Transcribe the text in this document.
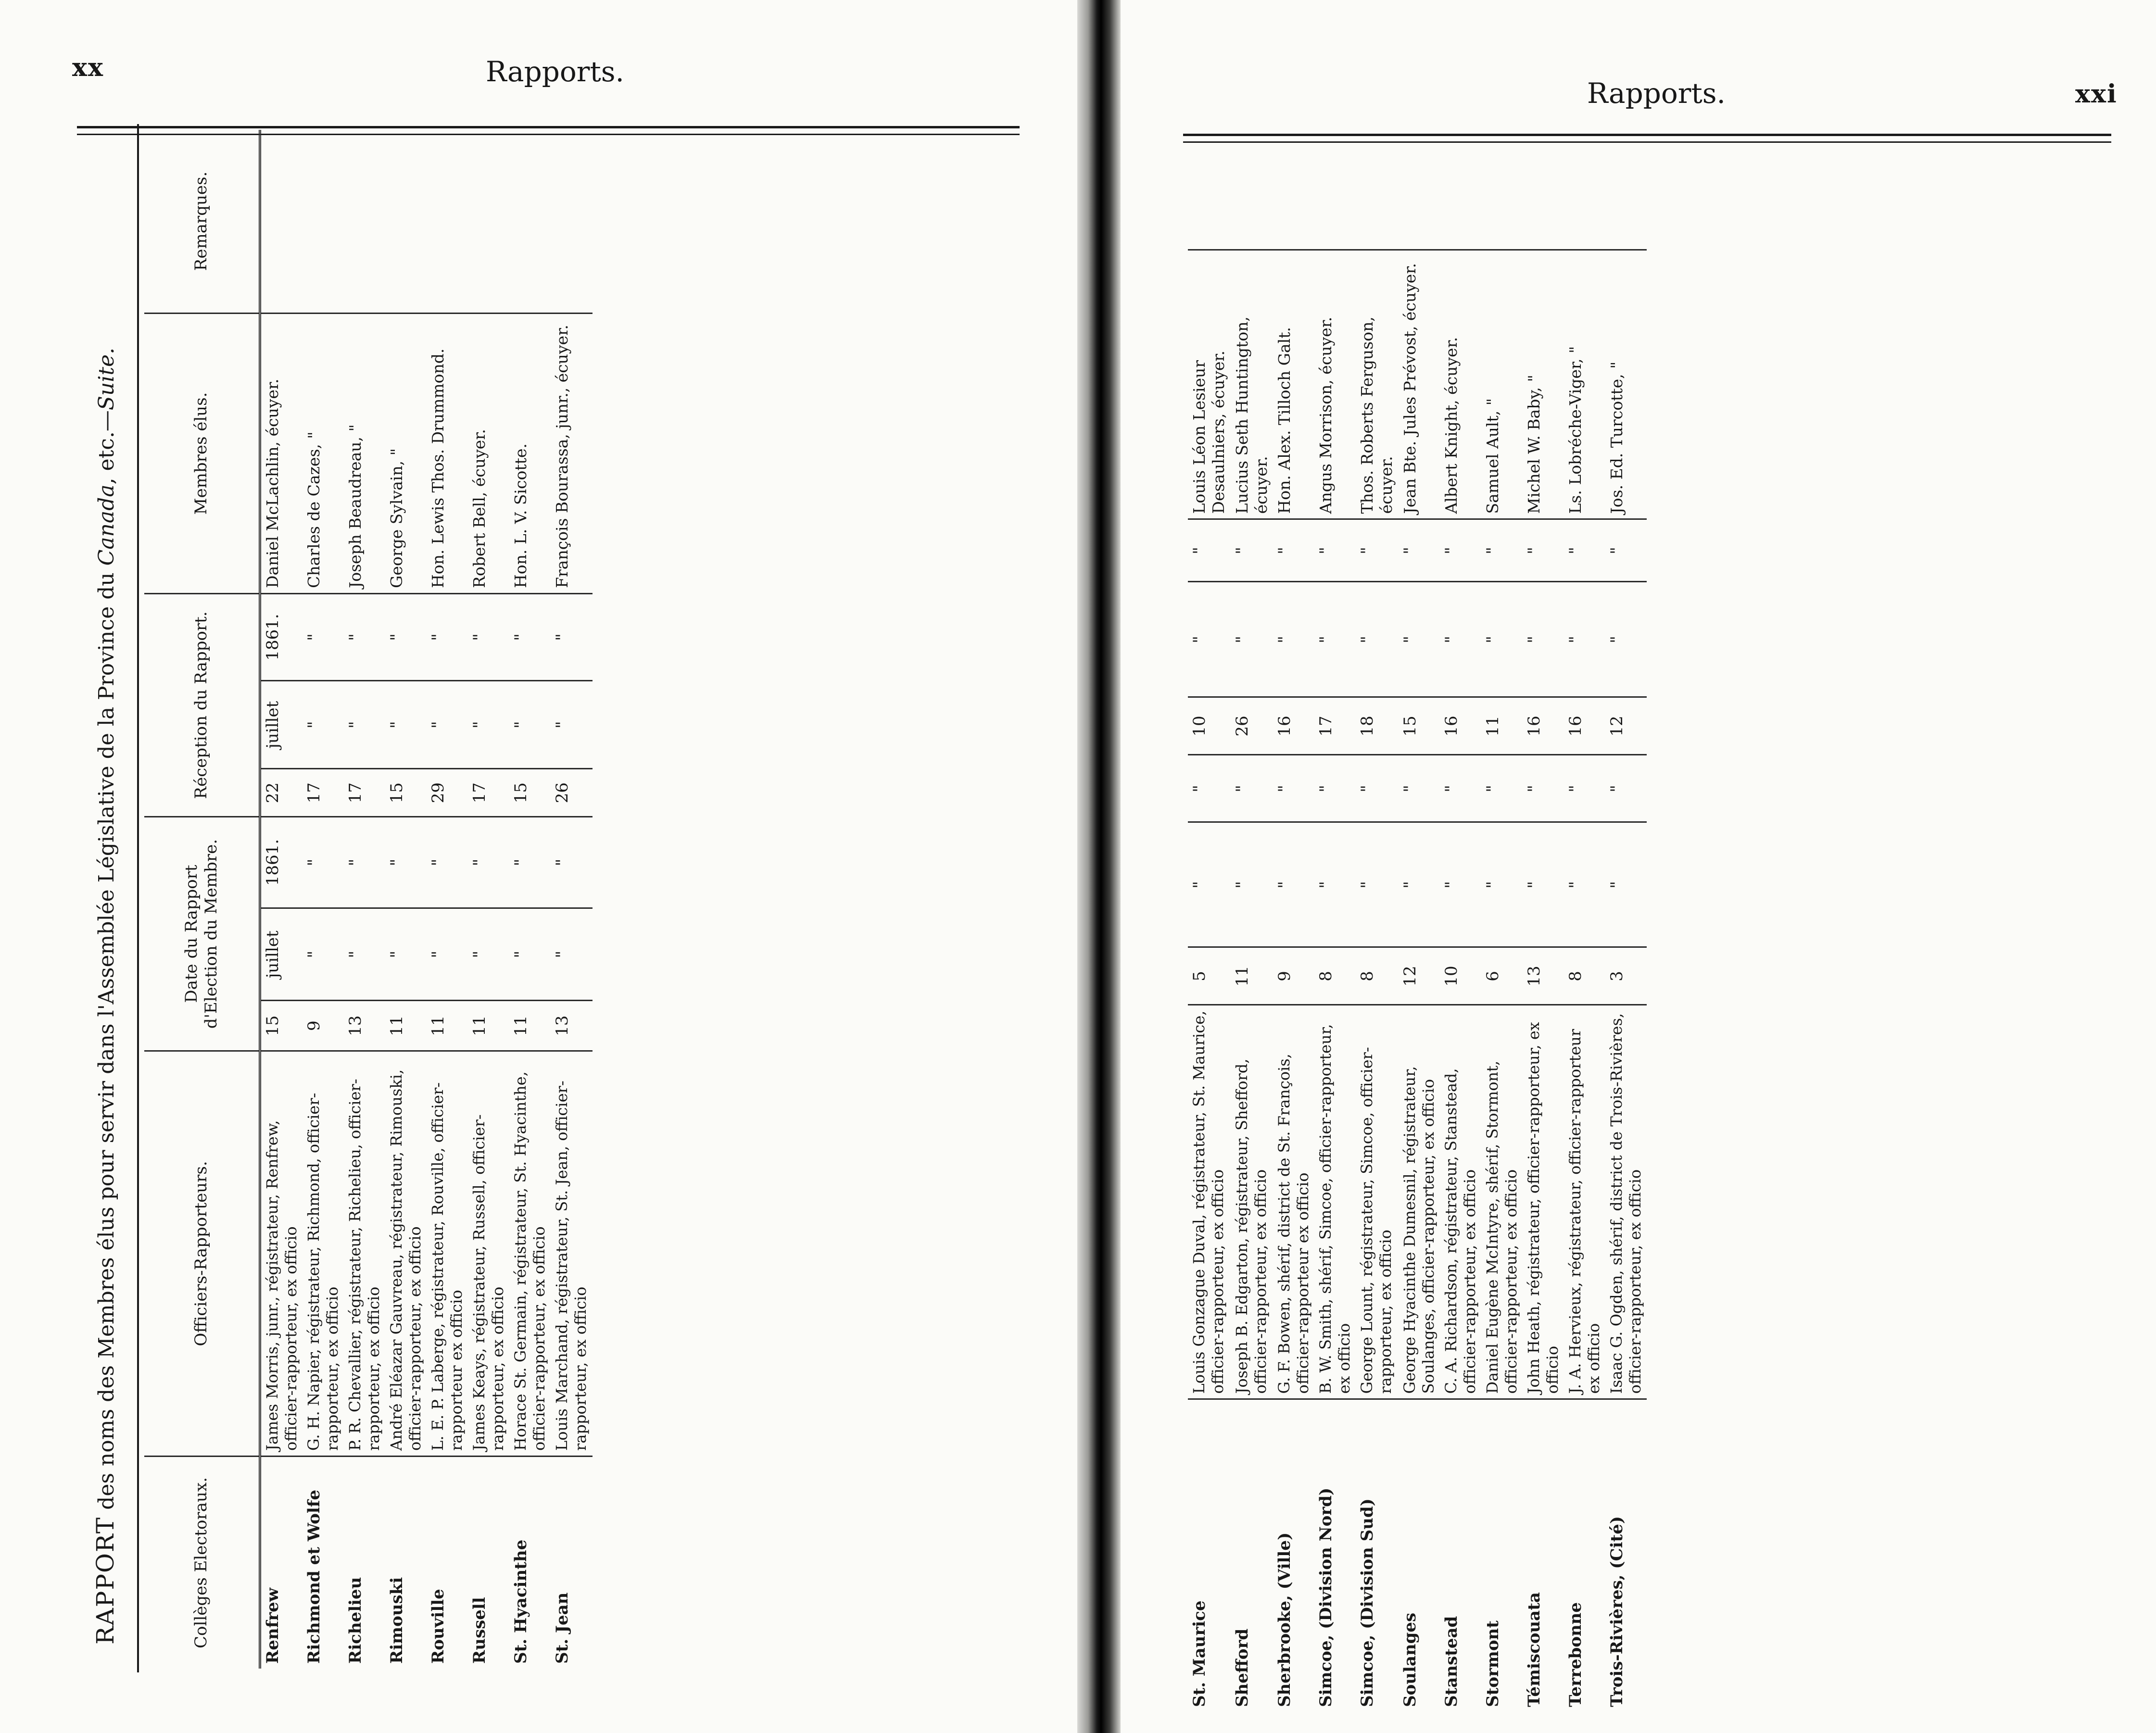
xx	Rapports.
RAPPORT des noms des Membres élus pour servir dans l'Assemblée Législative de la Province du Canada, etc.—Suite.
Collèges Electoraux.	Officiers-Rapporteurs.	Date du Rapport d'Election du Membre.			Réception du Rapport.			Membres élus.	Remarques.
Renfrew	James Morris, junr., régistrateur, Renfrew, officier-rapporteur, ex officio	15	juillet	1861.	22	juillet	1861.	Daniel McLachlin, écuyer.	
Richmond et Wolfe	G. H. Napier, régistrateur, Richmond, officier-rapporteur, ex officio	9	"	"	17	"	"	Charles de Cazes, "	
Richelieu	P. R. Chevallier, régistrateur, Richelieu, officier-rapporteur, ex officio	13	"	"	17	"	"	Joseph Beaudreau, "	
Rimouski	André Eléazar Gauvreau, régistrateur, Rimouski, officier-rapporteur, ex officio	11	"	"	15	"	"	George Sylvain, "	
Rouville	L. E. P. Laberge, régistrateur, Rouville, officier-rapporteur ex officio	11	"	"	29	"	"	Hon. Lewis Thos. Drummond.	
Russell	James Keays, régistrateur, Russell, officier-rapporteur, ex officio	11	"	"	17	"	"	Robert Bell, écuyer.	
St. Hyacinthe	Horace St. Germain, régistrateur, St. Hyacinthe, officier-rapporteur, ex officio	11	"	"	15	"	"	Hon. L. V. Sicotte.	
St. Jean	Louis Marchand, régistrateur, St. Jean, officier-rapporteur, ex officio	13	"	"	26	"	"	François Bourassa, junr., écuyer.	
Rapports.	xxi
St. Maurice	Louis Gonzague Duval, régistrateur, St. Maurice, officier-rapporteur, ex officio	5	"	"	10	"	"	Louis Léon Lesieur Desaulniers, écuyer.	
Shefford	Joseph B. Edgarton, régistrateur, Shefford, officier-rapporteur, ex officio	11	"	"	26	"	"	Lucius Seth Huntington, écuyer.	
Sherbrooke, (Ville)	G. F. Bowen, shérif, district de St. François, officier-rapporteur ex officio	9	"	"	16	"	"	Hon. Alex. Tilloch Galt.	
Simcoe, (Division Nord)	B. W. Smith, shérif, Simcoe, officier-rapporteur, ex officio	8	"	"	17	"	"	Angus Morrison, écuyer.	
Simcoe, (Division Sud)	George Lount, régistrateur, Simcoe, officier-rapporteur, ex officio	8	"	"	18	"	"	Thos. Roberts Ferguson, écuyer.	
Soulanges	George Hyacinthe Dumesnil, régistrateur, Soulanges, officier-rapporteur, ex officio	12	"	"	15	"	"	Jean Bte. Jules Prévost, écuyer.	
Stanstead	C. A. Richardson, régistrateur, Stanstead, officier-rapporteur, ex officio	10	"	"	16	"	"	Albert Knight, écuyer.	
Stormont	Daniel Eugène McIntyre, shérif, Stormont, officier-rapporteur, ex officio	6	"	"	11	"	"	Samuel Ault, "	
Témiscouata	John Heath, régistrateur, officier-rapporteur, ex officio	13	"	"	16	"	"	Michel W. Baby, "	
Terrebonne	J. A. Hervieux, régistrateur, officier-rapporteur ex officio	8	"	"	16	"	"	Ls. Lobréche-Viger, "	
Trois-Rivières, (Cité)	Isaac G. Ogden, shérif, district de Trois-Rivières, officier-rapporteur, ex officio	3	"	"	12	"	"	Jos. Ed. Turcotte, "	
